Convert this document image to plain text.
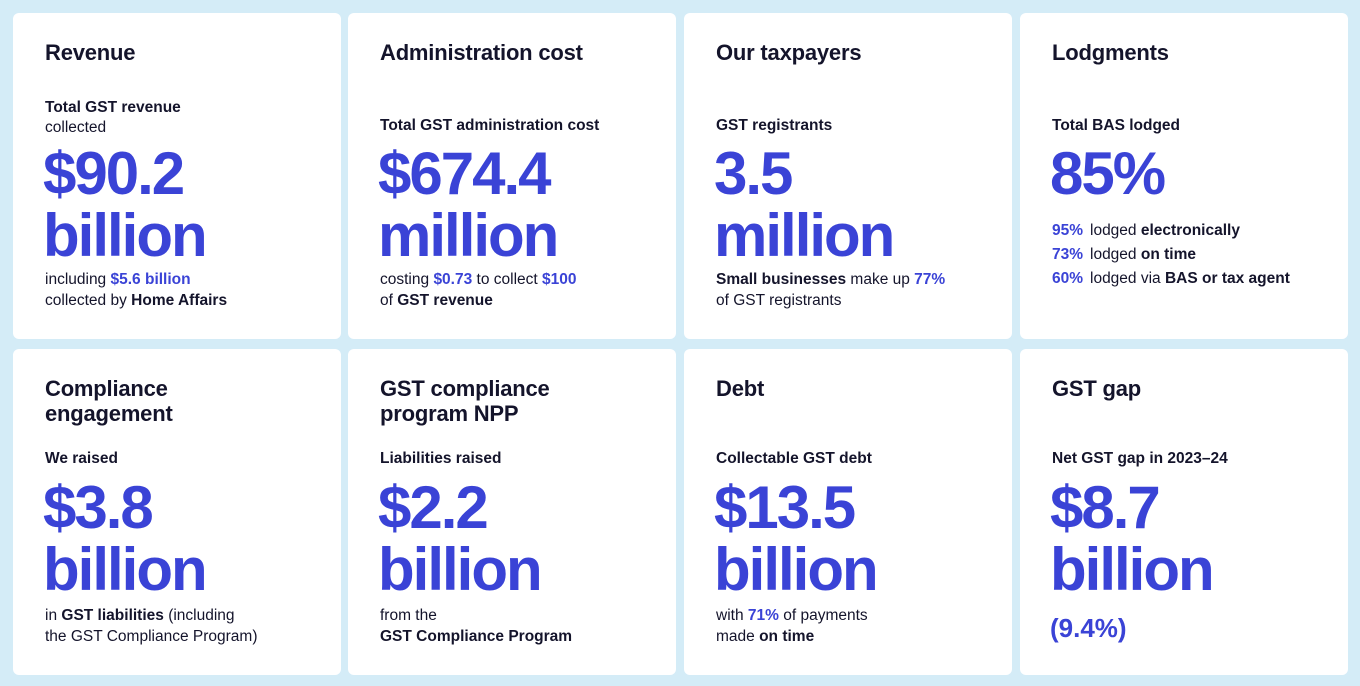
Revenue
Total GST revenue
collected
$90.2
billion
including $5.6 billion
collected by Home Affairs
Administration cost
Total GST administration cost
$674.4
million
costing $0.73 to collect $100
of GST revenue
Our taxpayers
GST registrants
3.5
million
Small businesses make up 77%
of GST registrants
Lodgments
Total BAS lodged
85%
95% lodged electronically
73% lodged on time
60% lodged via BAS or tax agent
Compliance
engagement
We raised
$3.8
billion
in GST liabilities (including
the GST Compliance Program)
GST compliance
program NPP
Liabilities raised
$2.2
billion
from the
GST Compliance Program
Debt
Collectable GST debt
$13.5
billion
with 71% of payments
made on time
GST gap
Net GST gap in 2023–24
$8.7
billion
(9.4%)
